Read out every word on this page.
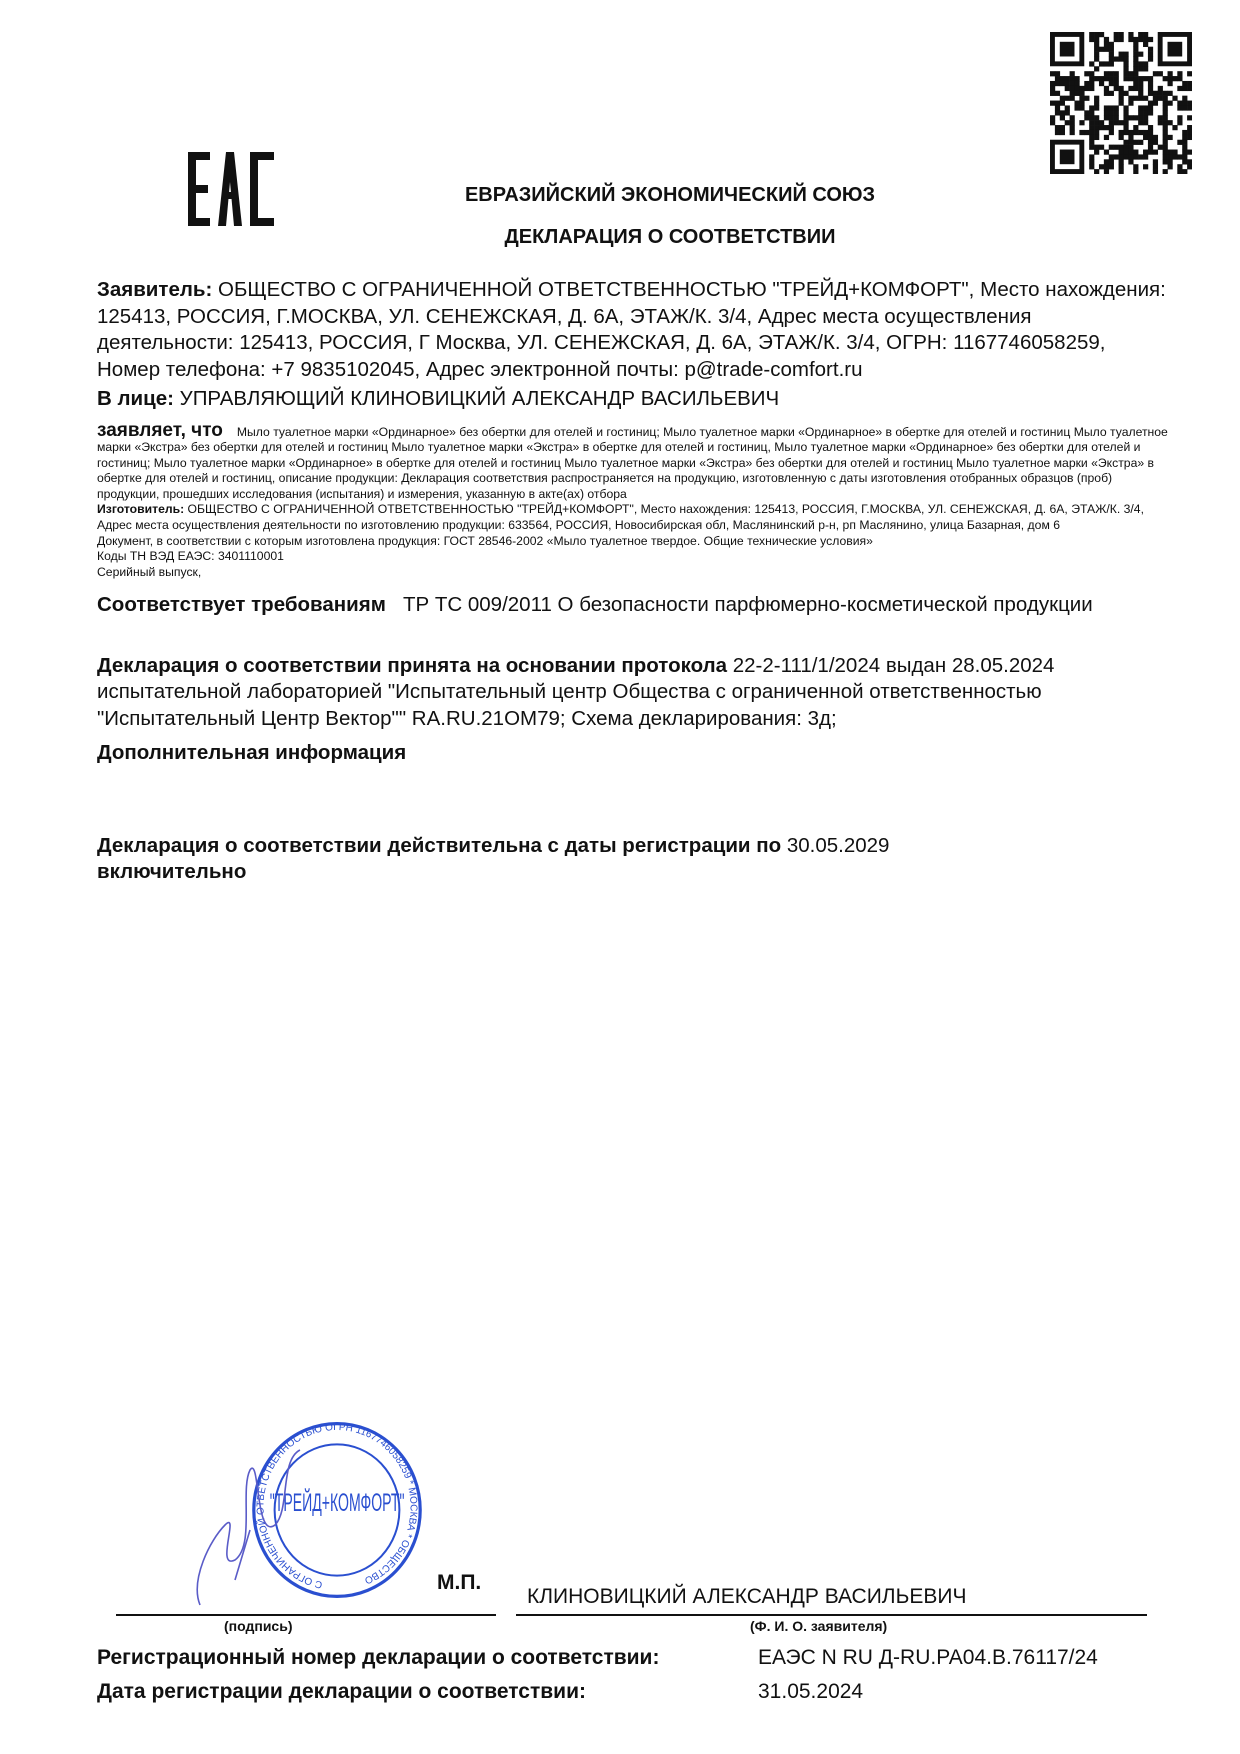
ЕВРАЗИЙСКИЙ ЭКОНОМИЧЕСКИЙ СОЮЗ
ДЕКЛАРАЦИЯ О СООТВЕТСТВИИ
Заявитель: ОБЩЕСТВО С ОГРАНИЧЕННОЙ ОТВЕТСТВЕННОСТЬЮ "ТРЕЙД+КОМФОРТ", Место нахождения: 125413, РОССИЯ, Г.МОСКВА, УЛ. СЕНЕЖСКАЯ, Д. 6А, ЭТАЖ/К. 3/4, Адрес места осуществления деятельности: 125413, РОССИЯ, Г Москва, УЛ. СЕНЕЖСКАЯ, Д. 6А, ЭТАЖ/К. 3/4, ОГРН: 1167746058259, Номер телефона: +7 9835102045, Адрес электронной почты: p@trade-comfort.ru
В лице: УПРАВЛЯЮЩИЙ КЛИНОВИЦКИЙ АЛЕКСАНДР ВАСИЛЬЕВИЧ
заявляет, что Мыло туалетное марки «Ординарное» без обертки для отелей и гостиниц; Мыло туалетное марки «Ординарное» в обертке для отелей и гостиниц Мыло туалетное марки «Экстра» без обертки для отелей и гостиниц Мыло туалетное марки «Экстра» в обертке для отелей и гостиниц, Мыло туалетное марки «Ординарное» без обертки для отелей и гостиниц; Мыло туалетное марки «Ординарное» в обертке для отелей и гостиниц Мыло туалетное марки «Экстра» без обертки для отелей и гостиниц Мыло туалетное марки «Экстра» в обертке для отелей и гостиниц, описание продукции: Декларация соответствия распространяется на продукцию, изготовленную с даты изготовления отобранных образцов (проб) продукции, прошедших исследования (испытания) и измерения, указанную в акте(ах) отбора
Изготовитель: ОБЩЕСТВО С ОГРАНИЧЕННОЙ ОТВЕТСТВЕННОСТЬЮ "ТРЕЙД+КОМФОРТ", Место нахождения: 125413, РОССИЯ, Г.МОСКВА, УЛ. СЕНЕЖСКАЯ, Д. 6А, ЭТАЖ/К. 3/4, Адрес места осуществления деятельности по изготовлению продукции: 633564, РОССИЯ, Новосибирская обл, Маслянинский р-н, рп Маслянино, улица Базарная, дом 6
Документ, в соответствии с которым изготовлена продукция: ГОСТ 28546-2002 «Мыло туалетное твердое. Общие технические условия»
Коды ТН ВЭД ЕАЭС: 3401110001
Серийный выпуск,
Соответствует требованиям ТР ТС 009/2011 О безопасности парфюмерно-косметической продукции
Декларация о соответствии принята на основании протокола 22-2-111/1/2024 выдан 28.05.2024 испытательной лабораторией "Испытательный центр Общества с ограниченной ответственностью "Испытательный Центр Вектор"" RA.RU.21OM79; Схема декларирования: 3д;
Дополнительная информация
Декларация о соответствии действительна с даты регистрации по 30.05.2029
включительно
М.П.
КЛИНОВИЦКИЙ АЛЕКСАНДР ВАСИЛЬЕВИЧ
(подпись)	(Ф. И. О. заявителя)
С ОГРАНИЧЕННОЙ ОТВЕТСТВЕННОСТЬЮ ОГРН 1167746058259 * МОСКВА * ОБЩЕСТВО
"ТРЕЙД+КОМФОРТ"
Регистрационный номер декларации о соответствии:	ЕАЭС N RU Д-RU.РА04.В.76117/24
Дата регистрации декларации о соответствии:	31.05.2024
